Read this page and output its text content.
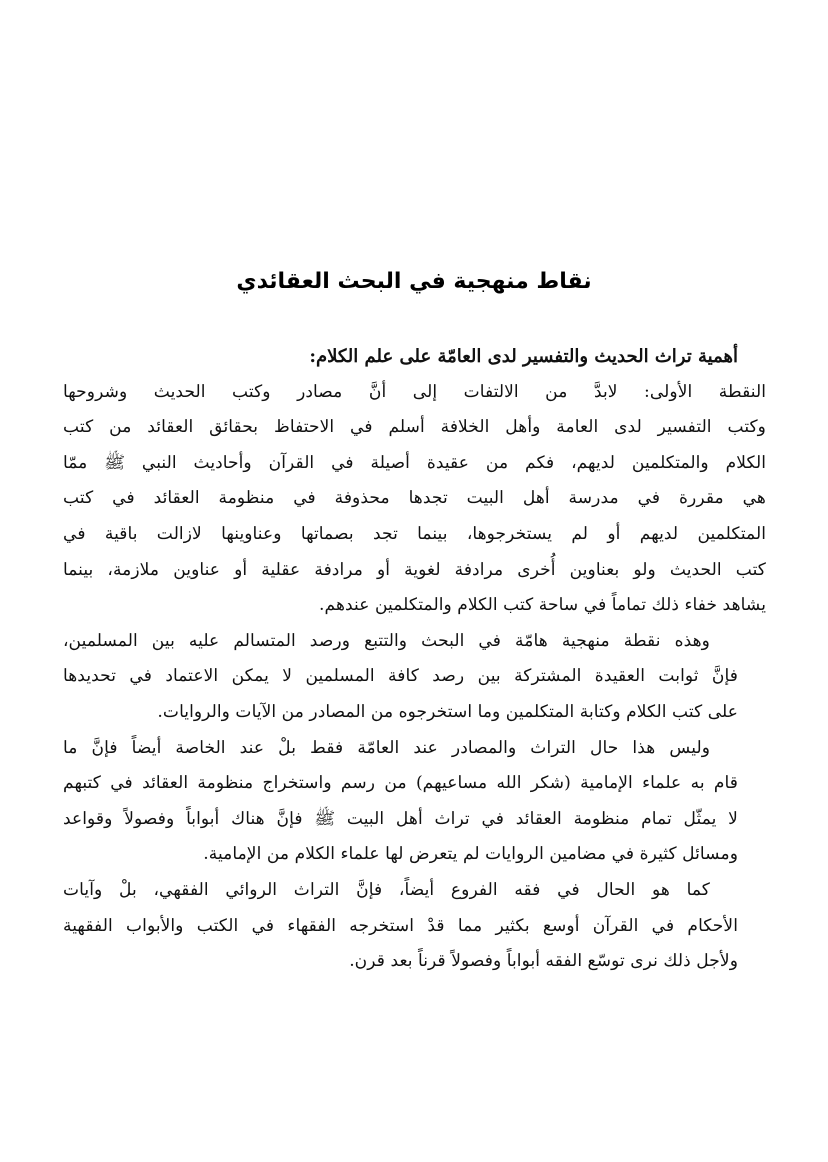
نقاط منهجية في البحث العقائدي
أهمية تراث الحديث والتفسير لدى العامّة على علم الكلام:
النقطة الأولى: لابدَّ من الالتفات إلى أنَّ مصادر وكتب الحديث وشروحها
وكتب التفسير لدى العامة وأهل الخلافة أسلم في الاحتفاظ بحقائق العقائد من كتب
الكلام والمتكلمين لديهم، فكم من عقيدة أصيلة في القرآن وأحاديث النبي ﷺ ممّا
هي مقررة في مدرسة أهل البيت تجدها محذوفة في منظومة العقائد في كتب
المتكلمين لديهم أو لم يستخرجوها، بينما تجد بصماتها وعناوينها لازالت باقية في
كتب الحديث ولو بعناوين أُخرى مرادفة لغوية أو مرادفة عقلية أو عناوين ملازمة، بينما
يشاهد خفاء ذلك تماماً في ساحة كتب الكلام والمتكلمين عندهم.
وهذه نقطة منهجية هامّة في البحث والتتبع ورصد المتسالم عليه بين المسلمين،
فإنَّ ثوابت العقيدة المشتركة بين رصد كافة المسلمين لا يمكن الاعتماد في تحديدها
على كتب الكلام وكتابة المتكلمين وما استخرجوه من المصادر من الآيات والروايات.
وليس هذا حال التراث والمصادر عند العامّة فقط بلْ عند الخاصة أيضاً فإنَّ ما
قام به علماء الإمامية (شكر الله مساعيهم) من رسم واستخراج منظومة العقائد في كتبهم
لا يمثّل تمام منظومة العقائد في تراث أهل البيت ﷺ فإنَّ هناك أبواباً وفصولاً وقواعد
ومسائل كثيرة في مضامين الروايات لم يتعرض لها علماء الكلام من الإمامية.
كما هو الحال في فقه الفروع أيضاً، فإنَّ التراث الروائي الفقهي، بلْ وآيات
الأحكام في القرآن أوسع بكثير مما قدْ استخرجه الفقهاء في الكتب والأبواب الفقهية
ولأجل ذلك نرى توسّع الفقه أبواباً وفصولاً قرناً بعد قرن.
